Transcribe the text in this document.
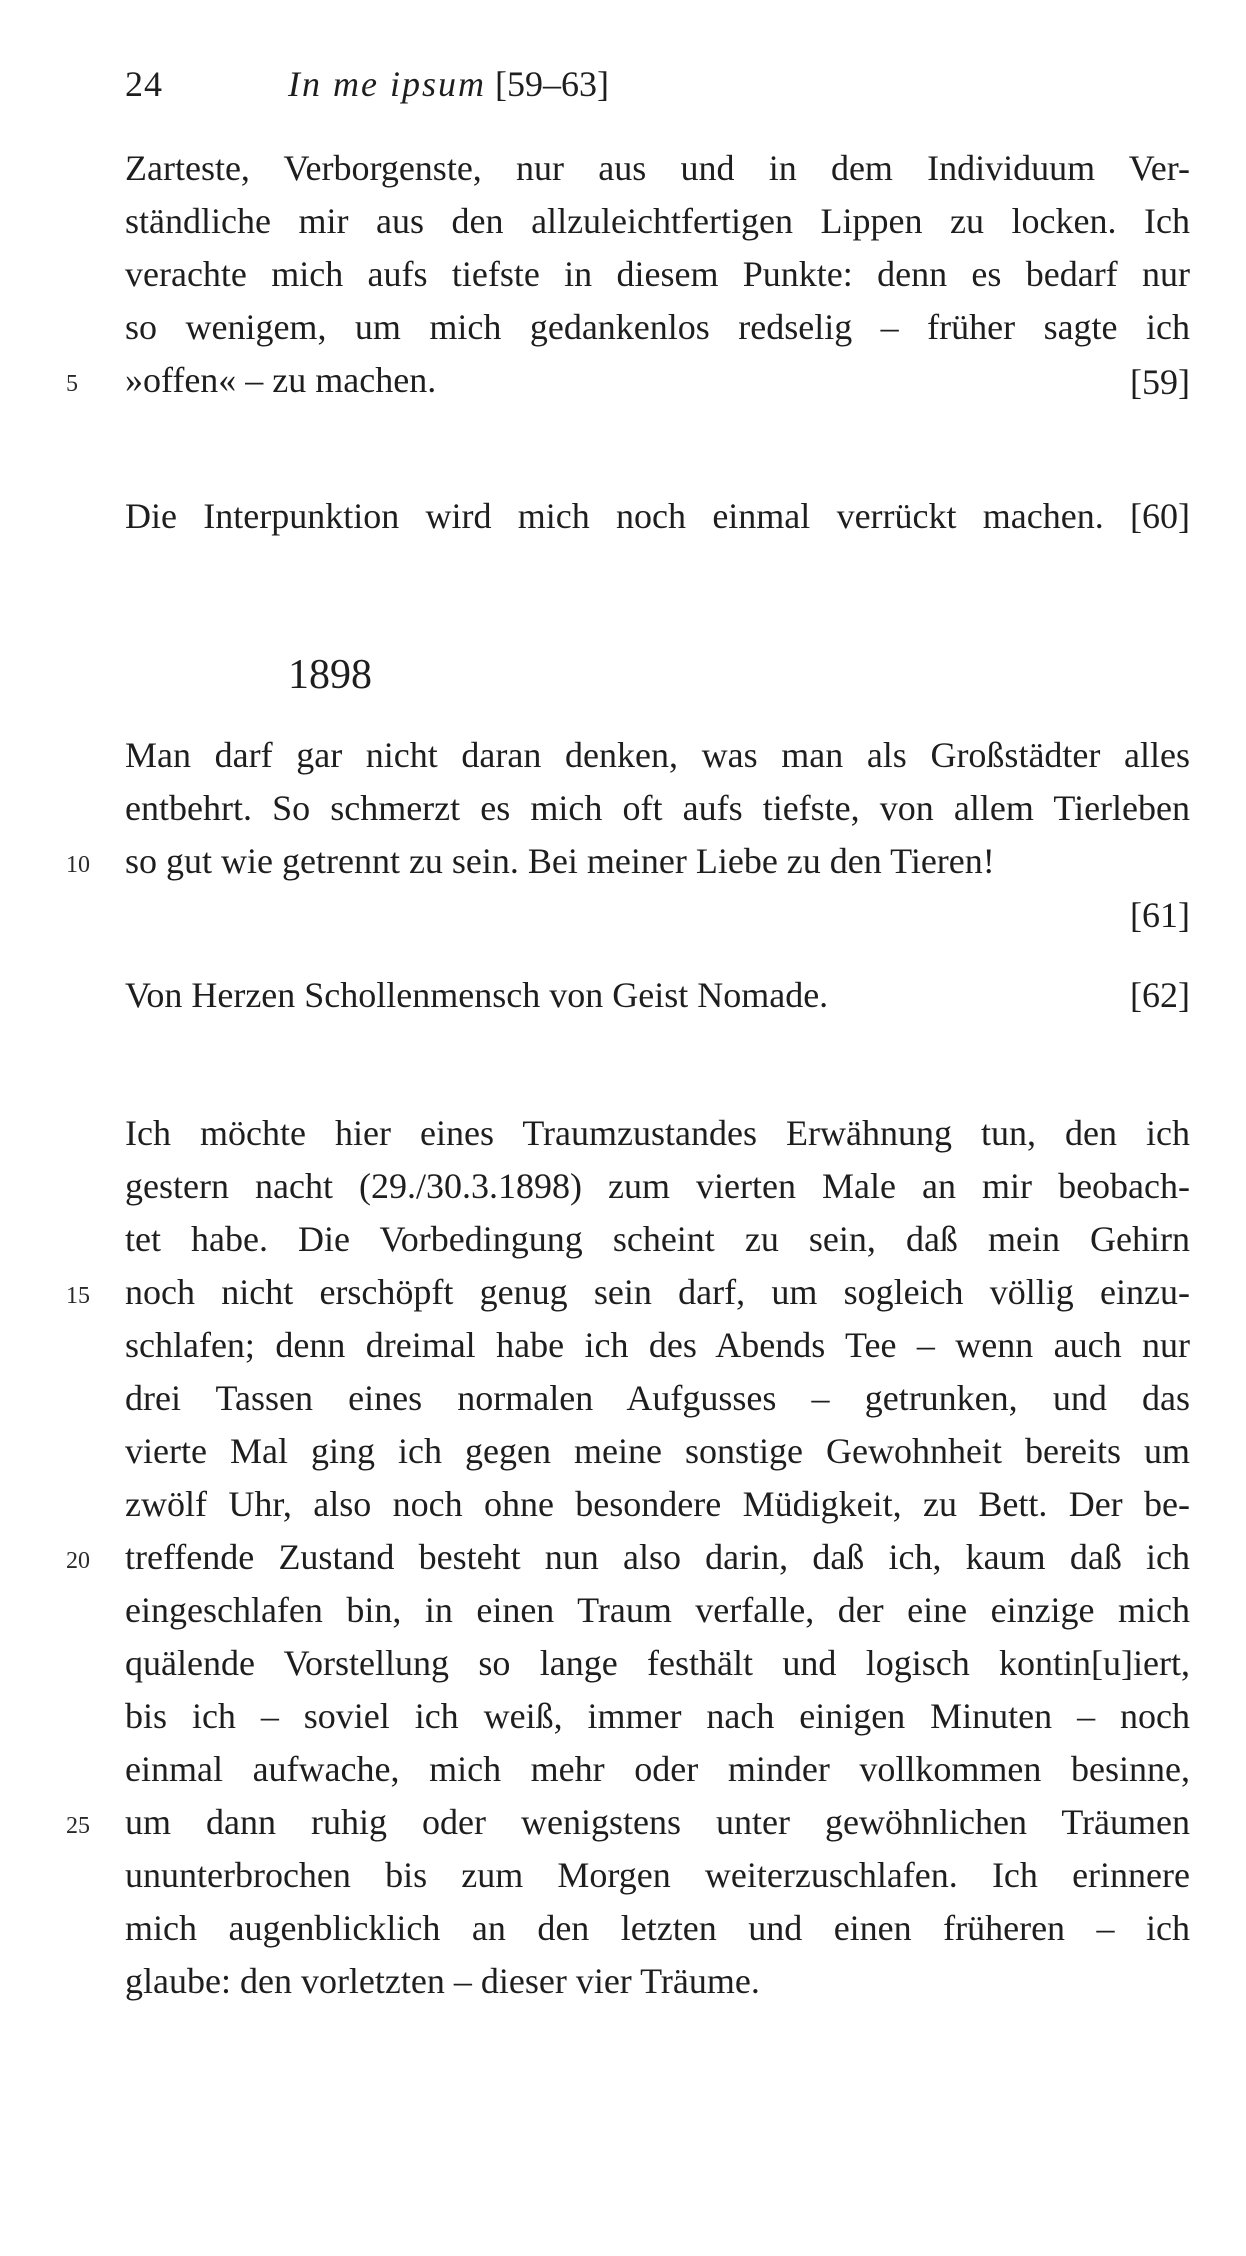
24	In me ipsum [59–63]
Zarteste, Verborgenste, nur aus und in dem Individuum Ver-
ständliche mir aus den allzuleichtfertigen Lippen zu locken. Ich
verachte mich aufs tiefste in diesem Punkte: denn es bedarf nur
so wenigem, um mich gedankenlos redselig – früher sagte ich
»offen« – zu machen.
5	[59]
Die Interpunktion wird mich noch einmal verrückt machen. [60]
1898
Man darf gar nicht daran denken, was man als Großstädter alles
entbehrt. So schmerzt es mich oft aufs tiefste, von allem Tierleben
so gut wie getrennt zu sein. Bei meiner Liebe zu den Tieren!
10
[61]
Von Herzen Schollenmensch von Geist Nomade.	[62]
Ich möchte hier eines Traumzustandes Erwähnung tun, den ich
gestern nacht (29./30.3.1898) zum vierten Male an mir beobach-
tet habe. Die Vorbedingung scheint zu sein, daß mein Gehirn
noch nicht erschöpft genug sein darf, um sogleich völlig einzu-
15
schlafen; denn dreimal habe ich des Abends Tee – wenn auch nur
drei Tassen eines normalen Aufgusses – getrunken, und das
vierte Mal ging ich gegen meine sonstige Gewohnheit bereits um
zwölf Uhr, also noch ohne besondere Müdigkeit, zu Bett. Der be-
treffende Zustand besteht nun also darin, daß ich, kaum daß ich
20
eingeschlafen bin, in einen Traum verfalle, der eine einzige mich
quälende Vorstellung so lange festhält und logisch kontin[u]iert,
bis ich – soviel ich weiß, immer nach einigen Minuten – noch
einmal aufwache, mich mehr oder minder vollkommen besinne,
um dann ruhig oder wenigstens unter gewöhnlichen Träumen
25
ununterbrochen bis zum Morgen weiterzuschlafen. Ich erinnere
mich augenblicklich an den letzten und einen früheren – ich
glaube: den vorletzten – dieser vier Träume.
